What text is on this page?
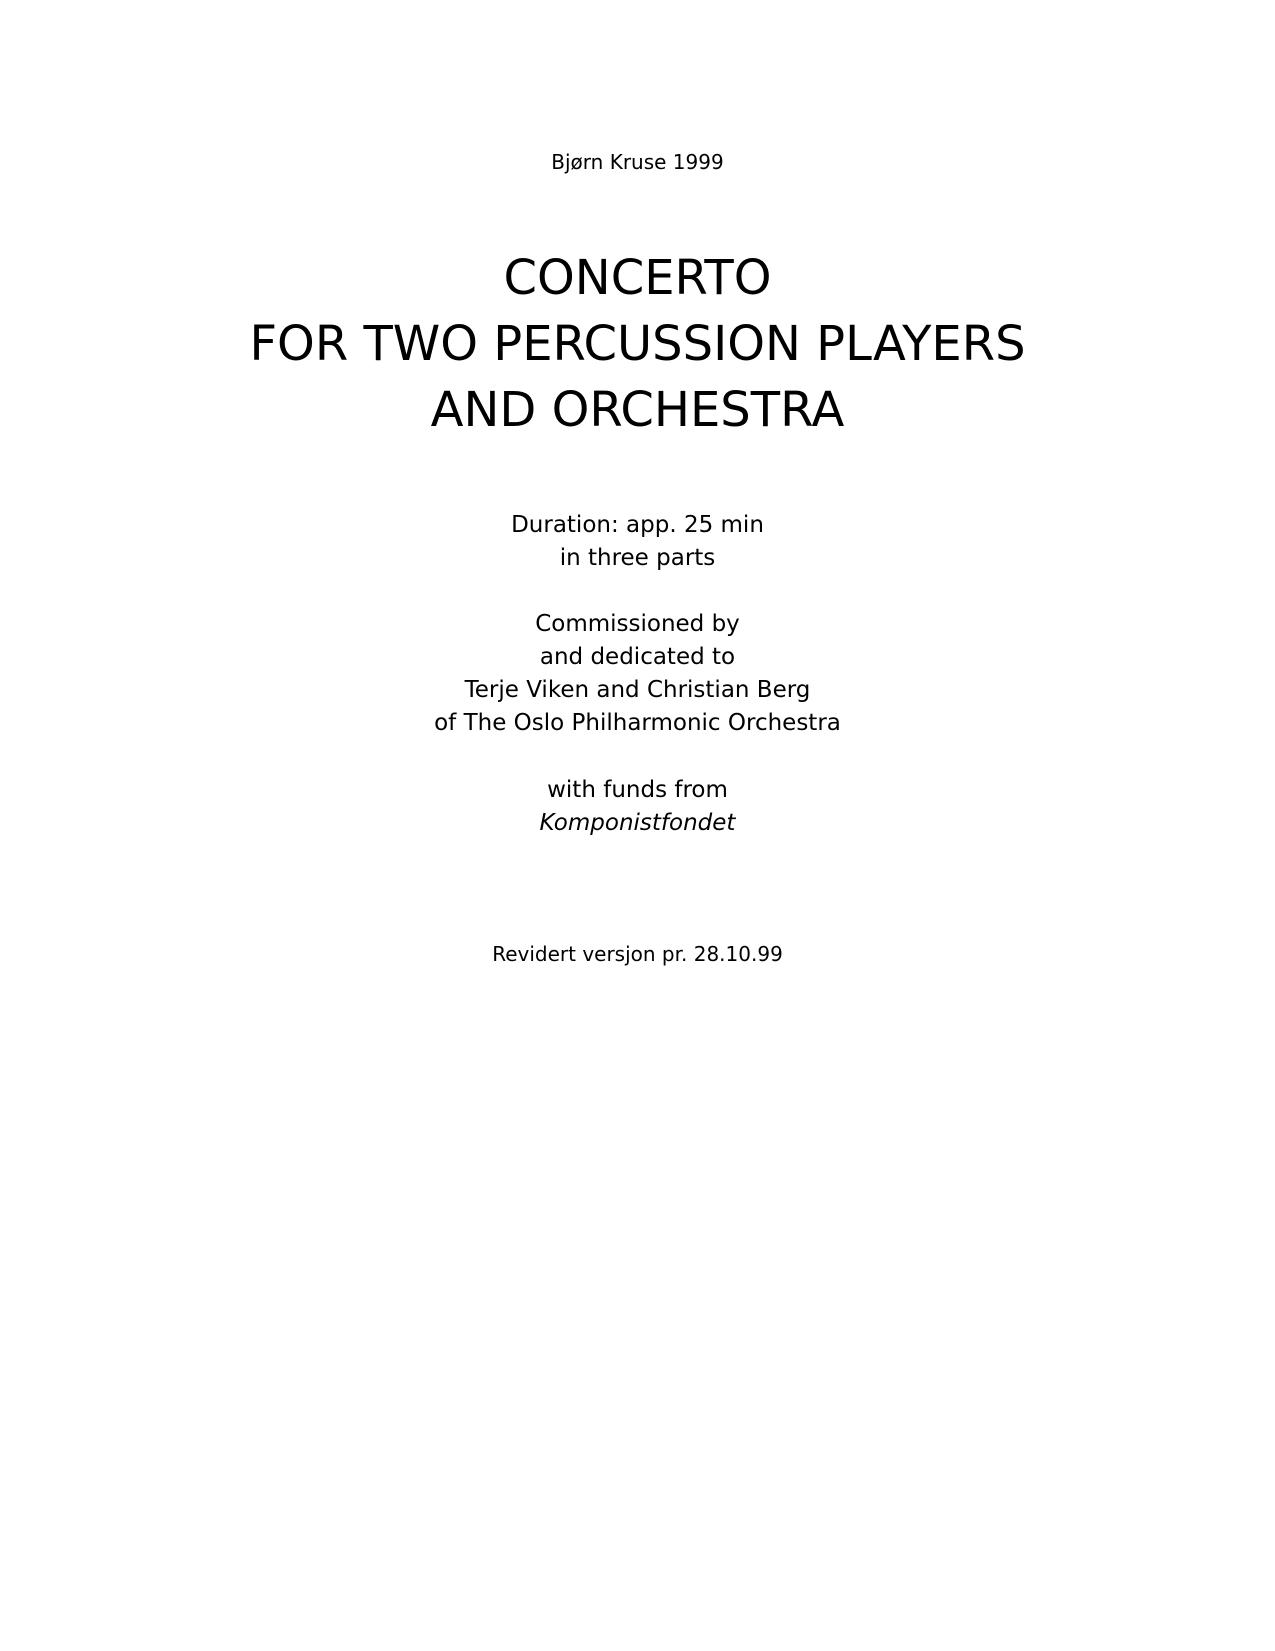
Bjørn Kruse 1999
CONCERTO
FOR TWO PERCUSSION PLAYERS
AND ORCHESTRA
Duration: app. 25 min
in three parts
Commissioned by
and dedicated to
Terje Viken and Christian Berg
of The Oslo Philharmonic Orchestra
with funds from
Komponistfondet
Revidert versjon pr. 28.10.99
